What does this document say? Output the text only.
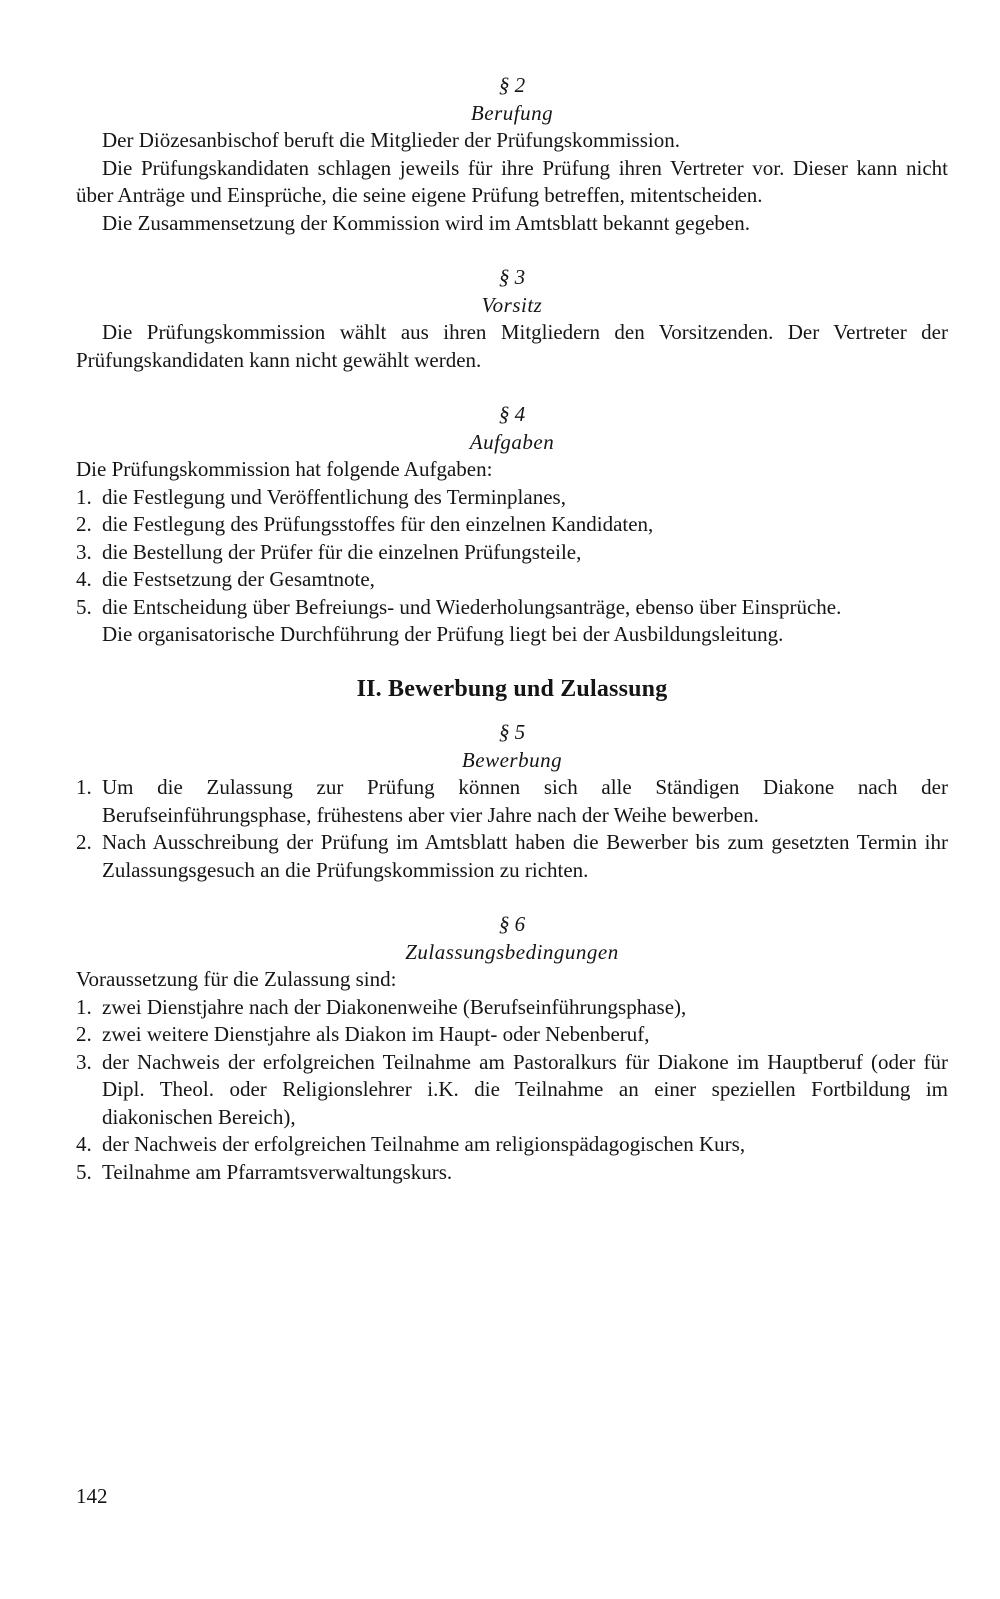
§ 2
Berufung

Der Diözesanbischof beruft die Mitglieder der Prüfungskommission.

Die Prüfungskandidaten schlagen jeweils für ihre Prüfung ihren Vertreter vor. Dieser kann nicht über Anträge und Einsprüche, die seine eigene Prüfung betreffen, mitentscheiden.

Die Zusammensetzung der Kommission wird im Amtsblatt bekannt gegeben.

§ 3
Vorsitz

Die Prüfungskommission wählt aus ihren Mitgliedern den Vorsitzenden. Der Vertreter der Prüfungskandidaten kann nicht gewählt werden.

§ 4
Aufgaben

Die Prüfungskommission hat folgende Aufgaben:

1. die Festlegung und Veröffentlichung des Terminplanes,
2. die Festlegung des Prüfungsstoffes für den einzelnen Kandidaten,
3. die Bestellung der Prüfer für die einzelnen Prüfungsteile,
4. die Festsetzung der Gesamtnote,
5. die Entscheidung über Befreiungs- und Wiederholungsanträge, ebenso über Einsprüche.

Die organisatorische Durchführung der Prüfung liegt bei der Ausbildungsleitung.

II. Bewerbung und Zulassung
§ 5
Bewerbung
1. Um die Zulassung zur Prüfung können sich alle Ständigen Diakone nach der Berufseinführungsphase, frühestens aber vier Jahre nach der Weihe bewerben.
2. Nach Ausschreibung der Prüfung im Amtsblatt haben die Bewerber bis zum gesetzten Termin ihr Zulassungsgesuch an die Prüfungskommission zu richten.
§ 6
Zulassungsbedingungen

Voraussetzung für die Zulassung sind:

1. zwei Dienstjahre nach der Diakonenweihe (Berufseinführungsphase),
2. zwei weitere Dienstjahre als Diakon im Haupt- oder Nebenberuf,
3. der Nachweis der erfolgreichen Teilnahme am Pastoralkurs für Diakone im Hauptberuf (oder für Dipl. Theol. oder Religionslehrer i.K. die Teilnahme an einer speziellen Fortbildung im diakonischen Bereich),
4. der Nachweis der erfolgreichen Teilnahme am religionspädagogischen Kurs,
5. Teilnahme am Pfarramtsverwaltungskurs.
142
